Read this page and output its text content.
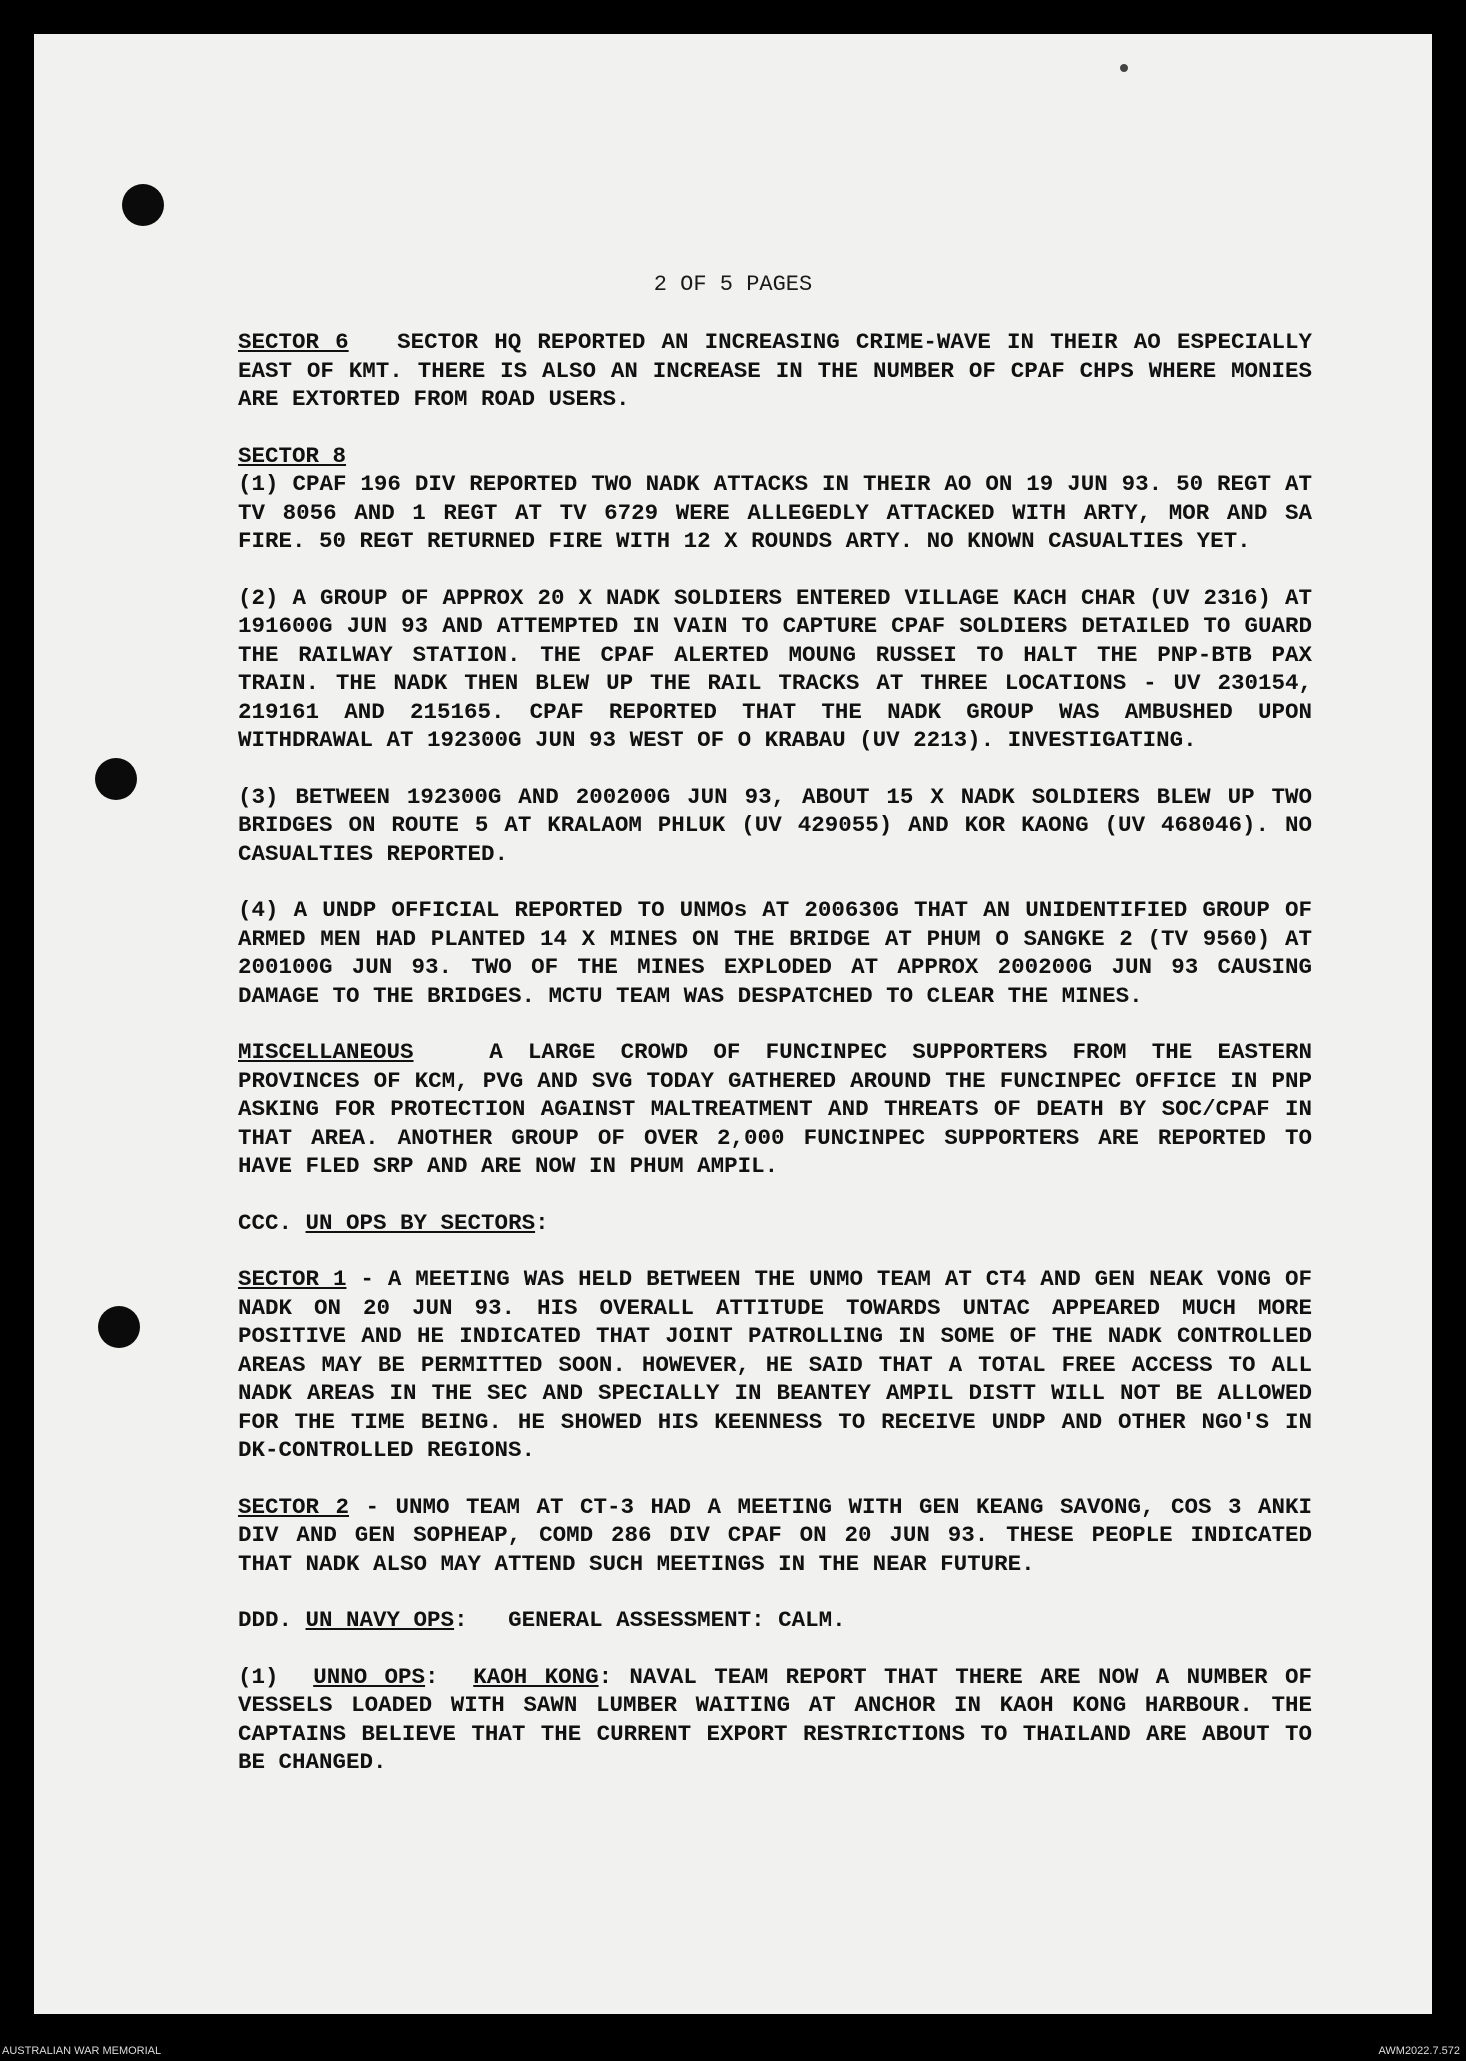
2 OF 5 PAGES

SECTOR 6 SECTOR HQ REPORTED AN INCREASING CRIME-WAVE IN THEIR AO ESPECIALLY EAST OF KMT. THERE IS ALSO AN INCREASE IN THE NUMBER OF CPAF CHPS WHERE MONIES ARE EXTORTED FROM ROAD USERS.

SECTOR 8

(1) CPAF 196 DIV REPORTED TWO NADK ATTACKS IN THEIR AO ON 19 JUN 93. 50 REGT AT TV 8056 AND 1 REGT AT TV 6729 WERE ALLEGEDLY ATTACKED WITH ARTY, MOR AND SA FIRE. 50 REGT RETURNED FIRE WITH 12 X ROUNDS ARTY. NO KNOWN CASUALTIES YET.

(2) A GROUP OF APPROX 20 X NADK SOLDIERS ENTERED VILLAGE KACH CHAR (UV 2316) AT 191600G JUN 93 AND ATTEMPTED IN VAIN TO CAPTURE CPAF SOLDIERS DETAILED TO GUARD THE RAILWAY STATION. THE CPAF ALERTED MOUNG RUSSEI TO HALT THE PNP-BTB PAX TRAIN. THE NADK THEN BLEW UP THE RAIL TRACKS AT THREE LOCATIONS - UV 230154, 219161 AND 215165. CPAF REPORTED THAT THE NADK GROUP WAS AMBUSHED UPON WITHDRAWAL AT 192300G JUN 93 WEST OF O KRABAU (UV 2213). INVESTIGATING.

(3) BETWEEN 192300G AND 200200G JUN 93, ABOUT 15 X NADK SOLDIERS BLEW UP TWO BRIDGES ON ROUTE 5 AT KRALAOM PHLUK (UV 429055) AND KOR KAONG (UV 468046). NO CASUALTIES REPORTED.

(4) A UNDP OFFICIAL REPORTED TO UNMOs AT 200630G THAT AN UNIDENTIFIED GROUP OF ARMED MEN HAD PLANTED 14 X MINES ON THE BRIDGE AT PHUM O SANGKE 2 (TV 9560) AT 200100G JUN 93. TWO OF THE MINES EXPLODED AT APPROX 200200G JUN 93 CAUSING DAMAGE TO THE BRIDGES. MCTU TEAM WAS DESPATCHED TO CLEAR THE MINES.

MISCELLANEOUS	A LARGE CROWD OF FUNCINPEC SUPPORTERS FROM THE EASTERN PROVINCES OF KCM, PVG AND SVG TODAY GATHERED AROUND THE FUNCINPEC OFFICE IN PNP ASKING FOR PROTECTION AGAINST MALTREATMENT AND THREATS OF DEATH BY SOC/CPAF IN THAT AREA. ANOTHER GROUP OF OVER 2,000 FUNCINPEC SUPPORTERS ARE REPORTED TO HAVE FLED SRP AND ARE NOW IN PHUM AMPIL.

CCC. UN OPS BY SECTORS:

SECTOR 1 - A MEETING WAS HELD BETWEEN THE UNMO TEAM AT CT4 AND GEN NEAK VONG OF NADK ON 20 JUN 93. HIS OVERALL ATTITUDE TOWARDS UNTAC APPEARED MUCH MORE POSITIVE AND HE INDICATED THAT JOINT PATROLLING IN SOME OF THE NADK CONTROLLED AREAS MAY BE PERMITTED SOON. HOWEVER, HE SAID THAT A TOTAL FREE ACCESS TO ALL NADK AREAS IN THE SEC AND SPECIALLY IN BEANTEY AMPIL DISTT WILL NOT BE ALLOWED FOR THE TIME BEING. HE SHOWED HIS KEENNESS TO RECEIVE UNDP AND OTHER NGO'S IN DK-CONTROLLED REGIONS.

SECTOR 2 - UNMO TEAM AT CT-3 HAD A MEETING WITH GEN KEANG SAVONG, COS 3 ANKI DIV AND GEN SOPHEAP, COMD 286 DIV CPAF ON 20 JUN 93. THESE PEOPLE INDICATED THAT NADK ALSO MAY ATTEND SUCH MEETINGS IN THE NEAR FUTURE.

DDD. UN NAVY OPS: GENERAL ASSESSMENT: CALM.

(1) UNNO OPS: KAOH KONG: NAVAL TEAM REPORT THAT THERE ARE NOW A NUMBER OF VESSELS LOADED WITH SAWN LUMBER WAITING AT ANCHOR IN KAOH KONG HARBOUR. THE CAPTAINS BELIEVE THAT THE CURRENT EXPORT RESTRICTIONS TO THAILAND ARE ABOUT TO BE CHANGED.

AUSTRALIAN WAR MEMORIAL	AWM2022.7.572
